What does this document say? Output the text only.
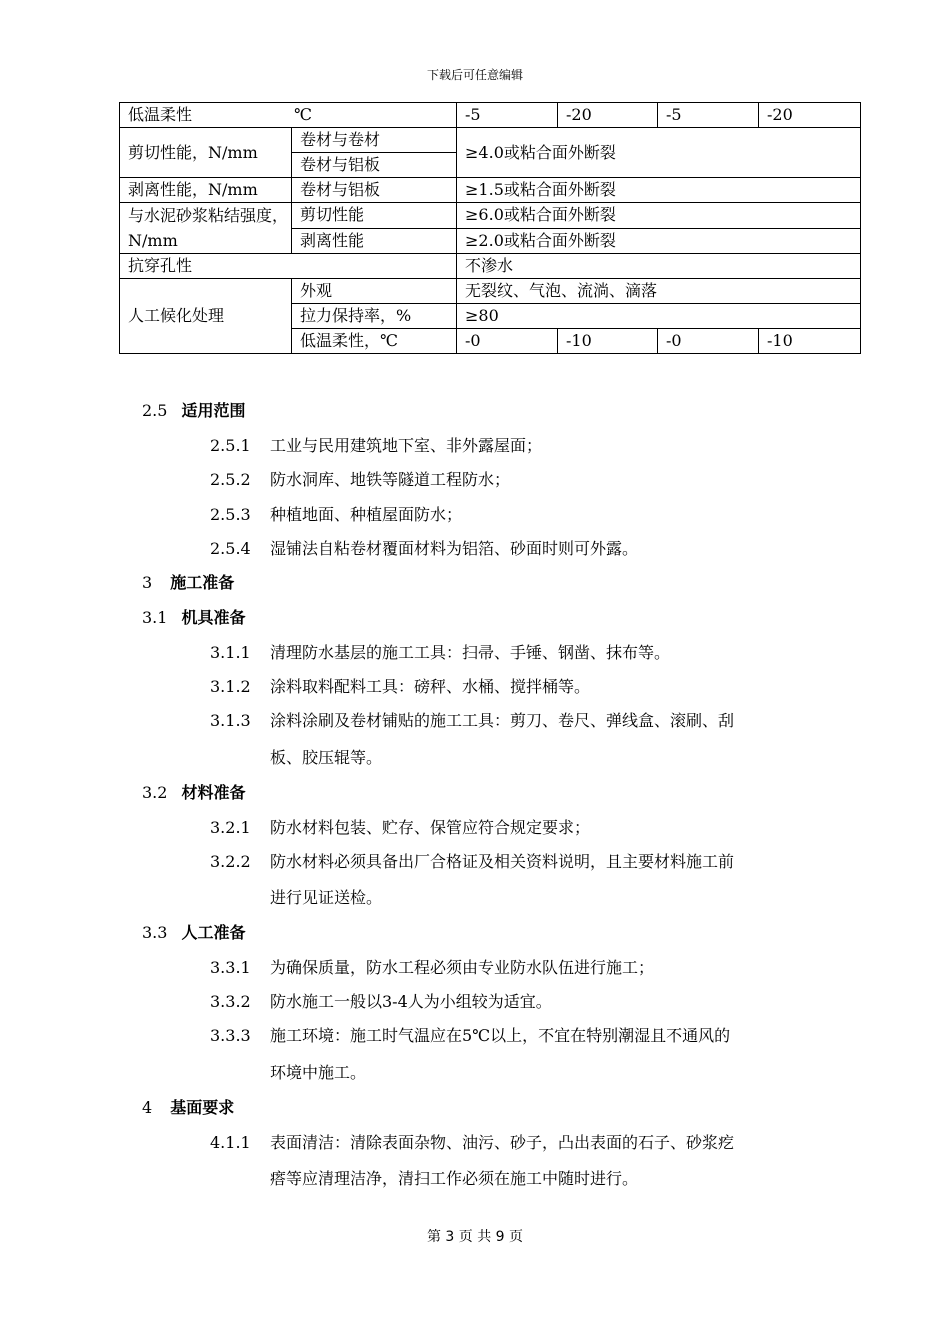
下载后可任意编辑
低温柔性 ℃		-5	-20	-5	-20
剪切性能，N/mm	卷材与卷材	≥4.0或粘合面外断裂			
	卷材与铝板				
剥离性能，N/mm	卷材与铝板	≥1.5或粘合面外断裂			
与水泥砂浆粘结强度，N/mm	剪切性能	≥6.0或粘合面外断裂			
	剥离性能	≥2.0或粘合面外断裂			
抗穿孔性		不渗水			
人工候化处理	外观	无裂纹、气泡、流淌、滴落			
	拉力保持率，%	≥80			
	低温柔性，℃	-0	-10	-0	-10
2.5 适用范围
2.5.1 工业与民用建筑地下室、非外露屋面；
2.5.2 防水洞库、地铁等隧道工程防水；
2.5.3 种植地面、种植屋面防水；
2.5.4 湿铺法自粘卷材覆面材料为铝箔、砂面时则可外露。
3 施工准备
3.1 机具准备
3.1.1 清理防水基层的施工工具：扫帚、手锤、钢凿、抹布等。
3.1.2 涂料取料配料工具：磅秤、水桶、搅拌桶等。
3.1.3 涂料涂刷及卷材铺贴的施工工具：剪刀、卷尺、弹线盒、滚刷、刮
板、胶压辊等。
3.2 材料准备
3.2.1 防水材料包装、贮存、保管应符合规定要求；
3.2.2 防水材料必须具备出厂合格证及相关资料说明，且主要材料施工前
进行见证送检。
3.3 人工准备
3.3.1 为确保质量，防水工程必须由专业防水队伍进行施工；
3.3.2 防水施工一般以3-4人为小组较为适宜。
3.3.3 施工环境：施工时气温应在5℃以上，不宜在特别潮湿且不通风的
环境中施工。
4 基面要求
4.1.1 表面清洁：清除表面杂物、油污、砂子，凸出表面的石子、砂浆疙
瘩等应清理洁净，清扫工作必须在施工中随时进行。
第 3 页 共 9 页
